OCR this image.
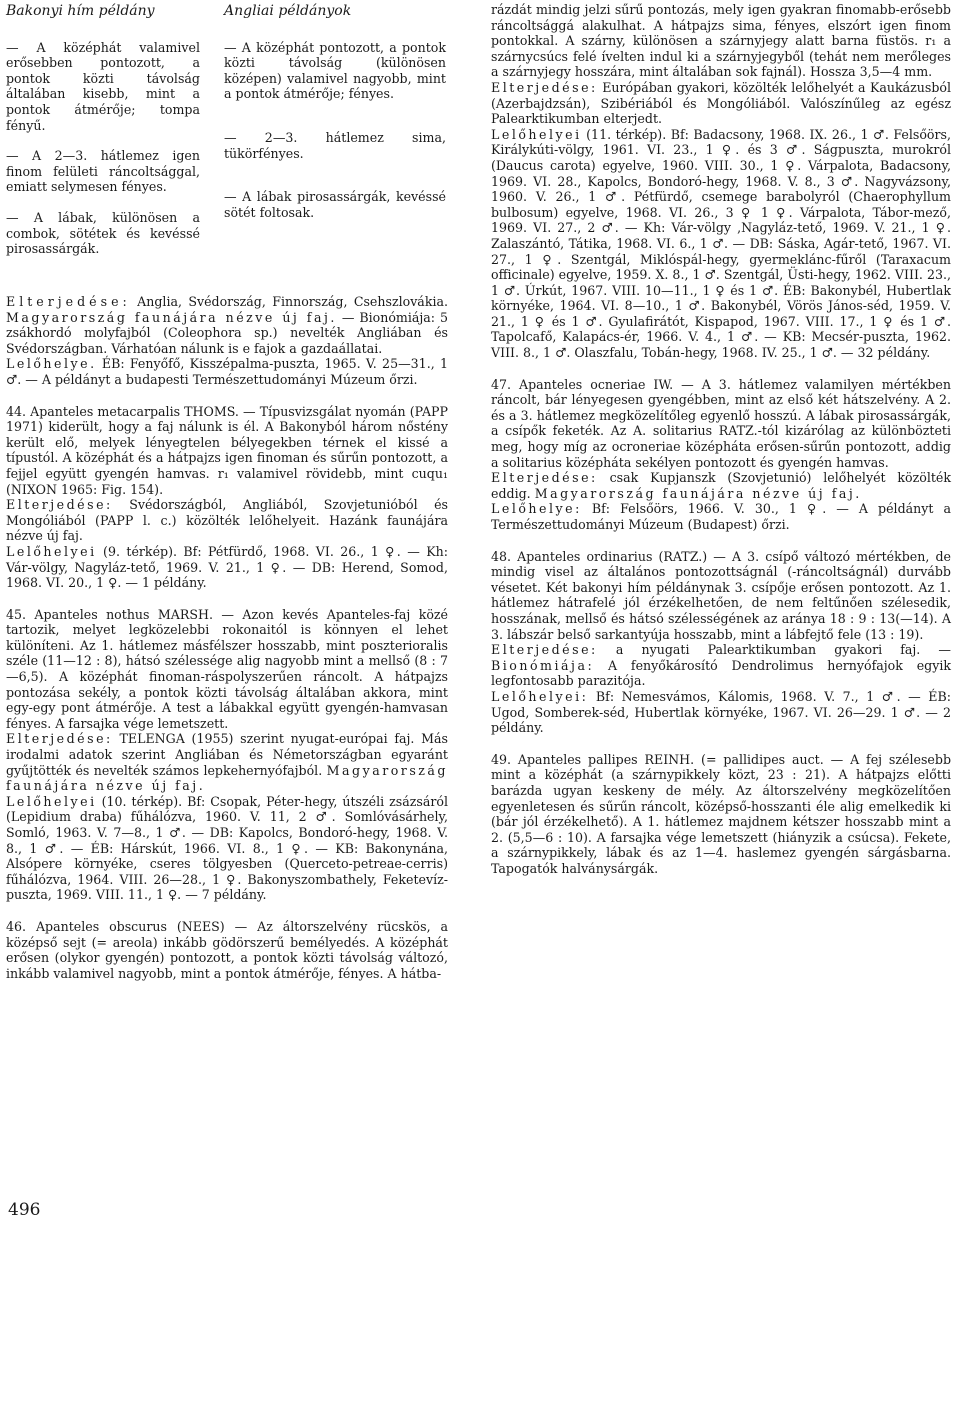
Bakonyi hím példány

— A középhát valamivel erősebben pontozott, a pontok közti távolság általában kisebb, mint a pontok átmérője; tompa fényű.

— A 2—3. hátlemez igen finom felületi ráncoltsággal, emiatt selymesen fényes.

— A lábak, különösen a combok, sötétek és kevéssé pirosassárgák.

Angliai példányok

— A középhát pontozott, a pontok közti távolság (különösen középen) valamivel nagyobb, mint a pontok átmérője; fényes.

— 2—3. hátlemez sima, tükörfényes.

— A lábak pirosassárgák, kevéssé sötét foltosak.

Elterjedése: Anglia, Svédország, Finnország, Csehszlovákia. Magyarország faunájára nézve új faj. — Bionómiája: 5 zsákhordó molyfajból (Coleophora sp.) nevelték Angliában és Svédországban. Várhatóan nálunk is e fajok a gazdaállatai.

Lelőhelye. ÉB: Fenyőfő, Kisszépalma-puszta, 1965. V. 25—31., 1 ♂. — A példányt a budapesti Természettudományi Múzeum őrzi.

44. Apanteles metacarpalis THOMS. — Típusvizsgálat nyomán (PAPP 1971) kiderült, hogy a faj nálunk is él. A Bakonyból három nőstény került elő, melyek lényegtelen bélyegekben térnek el kissé a típustól. A középhát és a hátpajzs igen finoman és sűrűn pontozott, a fejjel együtt gyengén hamvas. r₁ valamivel rövidebb, mint cuqu₁ (NIXON 1965: Fig. 154).

Elterjedése: Svédországból, Angliából, Szovjetunióból és Mongóliából (PAPP l. c.) közölték lelőhelyeit. Hazánk faunájára nézve új faj.

Lelőhelyei (9. térkép). Bf: Pétfürdő, 1968. VI. 26., 1 ♀. — Kh: Vár-völgy, Nagyláz-tető, 1969. V. 21., 1 ♀. — DB: Herend, Somod, 1968. VI. 20., 1 ♀. — 1 példány.

45. Apanteles nothus MARSH. — Azon kevés Apanteles-faj közé tartozik, melyet legközelebbi rokonaitól is könnyen el lehet különíteni. Az 1. hátlemez másfélszer hosszabb, mint poszterioralis széle (11—12 : 8), hátsó szélessége alig nagyobb mint a mellső (8 : 7—6,5). A középhát finoman-ráspolyszerűen ráncolt. A hátpajzs pontozása sekély, a pontok közti távolság általában akkora, mint egy-egy pont átmérője. A test a lábakkal együtt gyengén-hamvasan fényes. A farsajka vége lemetszett.

Elterjedése: TELENGA (1955) szerint nyugat-európai faj. Más irodalmi adatok szerint Angliában és Németországban egyaránt gyűjtötték és nevelték számos lepkehernyófajból. Magyarország faunájára nézve új faj.

Lelőhelyei (10. térkép). Bf: Csopak, Péter-hegy, útszéli zsázsáról (Lepidium draba) fűhálózva, 1960. V. 11, 2 ♂. Somlóvásárhely, Somló, 1963. V. 7—8., 1 ♂. — DB: Kapolcs, Bondoró-hegy, 1968. V. 8., 1 ♂. — ÉB: Hárskút, 1966. VI. 8., 1 ♀. — KB: Bakonynána, Alsópere környéke, cseres tölgyesben (Querceto-petreae-cerris) fűhálózva, 1964. VIII. 26—28., 1 ♀. Bakonyszombathely, Feketevíz-puszta, 1969. VIII. 11., 1 ♀. — 7 példány.

46. Apanteles obscurus (NEES) — Az áltorszelvény rücskös, a középső sejt (= areola) inkább gödörszerű bemélyedés. A középhát erősen (olykor gyengén) pontozott, a pontok közti távolság változó, inkább valamivel nagyobb, mint a pontok átmérője, fényes. A hátba-

rázdát mindig jelzi sűrű pontozás, mely igen gyakran finomabb-erősebb ráncoltsággá alakulhat. A hátpajzs sima, fényes, elszórt igen finom pontokkal. A szárny, különösen a szárnyjegy alatt barna füstös. r₁ a szárnycsúcs felé ívelten indul ki a szárnyjegyből (tehát nem merőleges a szárnyjegy hosszára, mint általában sok fajnál). Hossza 3,5—4 mm.

Elterjedése: Európában gyakori, közölték lelőhelyét a Kaukázusból (Azerbajdzsán), Szibériából és Mongóliából. Valószínűleg az egész Palearktikumban elterjedt.

Lelőhelyei (11. térkép). Bf: Badacsony, 1968. IX. 26., 1 ♂. Felsőörs, Királykúti-völgy, 1961. VI. 23., 1 ♀. és 3 ♂. Ságpuszta, murokról (Daucus carota) egyelve, 1960. VIII. 30., 1 ♀. Várpalota, Badacsony, 1969. VI. 28., Kapolcs, Bondoró-hegy, 1968. V. 8., 3 ♂. Nagyvázsony, 1960. V. 26., 1 ♂. Pétfürdő, csemege barabolyról (Chaerophyllum bulbosum) egyelve, 1968. VI. 26., 3 ♀ 1 ♀. Várpalota, Tábor-mező, 1969. VI. 27., 2 ♂. — Kh: Vár-völgy ,Nagyláz-tető, 1969. V. 21., 1 ♀. Zalaszántó, Tátika, 1968. VI. 6., 1 ♂. — DB: Sáska, Agár-tető, 1967. VI. 27., 1 ♀. Szentgál, Miklóspál-hegy, gyermeklánc-fűről (Taraxacum officinale) egyelve, 1959. X. 8., 1 ♂. Szentgál, Üsti-hegy, 1962. VIII. 23., 1 ♂. Úrkút, 1967. VIII. 10—11., 1 ♀ és 1 ♂. ÉB: Bakonybél, Hubertlak környéke, 1964. VI. 8—10., 1 ♂. Bakonybél, Vörös János-séd, 1959. V. 21., 1 ♀ és 1 ♂. Gyulafirátót, Kispapod, 1967. VIII. 17., 1 ♀ és 1 ♂. Tapolcafő, Kalapács-ér, 1966. V. 4., 1 ♂. — KB: Mecsér-puszta, 1962. VIII. 8., 1 ♂. Olaszfalu, Tobán-hegy, 1968. IV. 25., 1 ♂. — 32 példány.

47. Apanteles ocneriae IW. — A 3. hátlemez valamilyen mértékben ráncolt, bár lényegesen gyengébben, mint az első két hátszelvény. A 2. és a 3. hátlemez megközelítőleg egyenlő hosszú. A lábak pirosassárgák, a csípők feketék. Az A. solitarius RATZ.-tól kizárólag az különbözteti meg, hogy míg az ocroneriae középháta erősen-sűrűn pontozott, addig a solitarius középháta sekélyen pontozott és gyengén hamvas.

Elterjedése: csak Kupjanszk (Szovjetunió) lelőhelyét közölték eddig. Magyarország faunájára nézve új faj.

Lelőhelye: Bf: Felsőörs, 1966. V. 30., 1 ♀. — A példányt a Természettudományi Múzeum (Budapest) őrzi.

48. Apanteles ordinarius (RATZ.) — A 3. csípő változó mértékben, de mindig visel az általános pontozottságnál (-ráncoltságnál) durvább vésetet. Két bakonyi hím példánynak 3. csípője erősen pontozott. Az 1. hátlemez hátrafelé jól érzékelhetően, de nem feltűnően szélesedik, hosszának, mellső és hátsó szélességének az aránya 18 : 9 : 13(—14). A 3. lábszár belső sarkantyúja hosszabb, mint a lábfejtő fele (13 : 19).

Elterjedése: a nyugati Palearktikumban gyakori faj. — Bionómiája: A fenyőkárosító Dendrolimus hernyófajok egyik legfontosabb parazitója.

Lelőhelyei: Bf: Nemesvámos, Kálomis, 1968. V. 7., 1 ♂. — ÉB: Ugod, Somberek-séd, Hubertlak környéke, 1967. VI. 26—29. 1 ♂. — 2 példány.

49. Apanteles pallipes REINH. (= pallidipes auct. — A fej szélesebb mint a középhát (a szárnypikkely közt, 23 : 21). A hátpajzs előtti barázda ugyan keskeny de mély. Az áltorszelvény megközelítően egyenletesen és sűrűn ráncolt, középső-hosszanti éle alig emelkedik ki (bár jól érzékelhető). A 1. hátlemez majdnem kétszer hosszabb mint a 2. (5,5—6 : 10). A farsajka vége lemetszett (hiányzik a csúcsa). Fekete, a szárnypikkely, lábak és az 1—4. haslemez gyengén sárgásbarna. Tapogatók halványsárgák.

496
